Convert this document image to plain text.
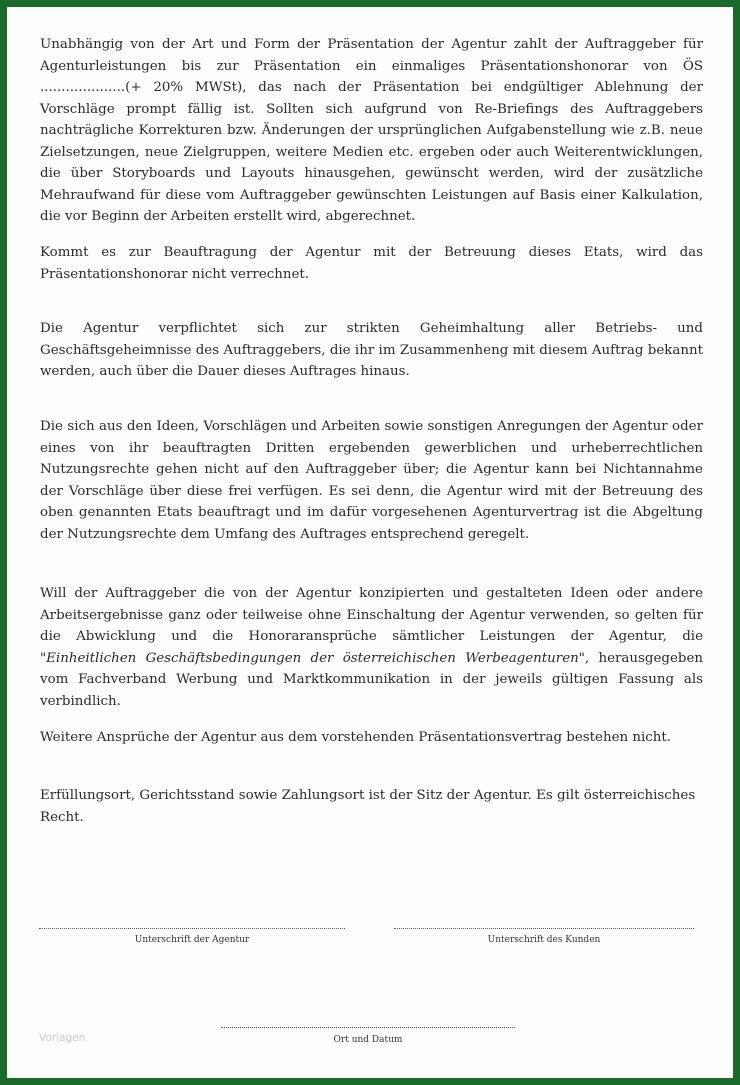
Unabhängig von der Art und Form der Präsentation der Agentur zahlt der Auftraggeber für Agenturleistungen bis zur Präsentation ein einmaliges Präsentationshonorar von ÖS ....................(+ 20% MWSt), das nach der Präsentation bei endgültiger Ablehnung der Vorschläge prompt fällig ist. Sollten sich aufgrund von Re-Briefings des Auftraggebers nachträgliche Korrekturen bzw. Änderungen der ursprünglichen Aufgabenstellung wie z.B. neue Zielsetzungen, neue Zielgruppen, weitere Medien etc. ergeben oder auch Weiterentwicklungen, die über Storyboards und Layouts hinausgehen, gewünscht werden, wird der zusätzliche Mehraufwand für diese vom Auftraggeber gewünschten Leistungen auf Basis einer Kalkulation, die vor Beginn der Arbeiten erstellt wird, abgerechnet.

Kommt es zur Beauftragung der Agentur mit der Betreuung dieses Etats, wird das Präsentationshonorar nicht verrechnet.

Die Agentur verpflichtet sich zur strikten Geheimhaltung aller Betriebs- und Geschäftsgeheimnisse des Auftraggebers, die ihr im Zusammenheng mit diesem Auftrag bekannt werden, auch über die Dauer dieses Auftrages hinaus.

Die sich aus den Ideen, Vorschlägen und Arbeiten sowie sonstigen Anregungen der Agentur oder eines von ihr beauftragten Dritten ergebenden gewerblichen und urheberrechtlichen Nutzungsrechte gehen nicht auf den Auftraggeber über; die Agentur kann bei Nichtannahme der Vorschläge über diese frei verfügen. Es sei denn, die Agentur wird mit der Betreuung des oben genannten Etats beauftragt und im dafür vorgesehenen Agenturvertrag ist die Abgeltung der Nutzungsrechte dem Umfang des Auftrages entsprechend geregelt.

Will der Auftraggeber die von der Agentur konzipierten und gestalteten Ideen oder andere Arbeitsergebnisse ganz oder teilweise ohne Einschaltung der Agentur verwenden, so gelten für die Abwicklung und die Honoraransprüche sämtlicher Leistungen der Agentur, die "Einheitlichen Geschäftsbedingungen der österreichischen Werbeagenturen", herausgegeben vom Fachverband Werbung und Marktkommunikation in der jeweils gültigen Fassung als verbindlich.

Weitere Ansprüche der Agentur aus dem vorstehenden Präsentationsvertrag bestehen nicht.

Erfüllungsort, Gerichtsstand sowie Zahlungsort ist der Sitz der Agentur. Es gilt österreichisches Recht.

Unterschrift der Agentur	Unterschrift des Kunden
Ort und Datum
Vorlagen
